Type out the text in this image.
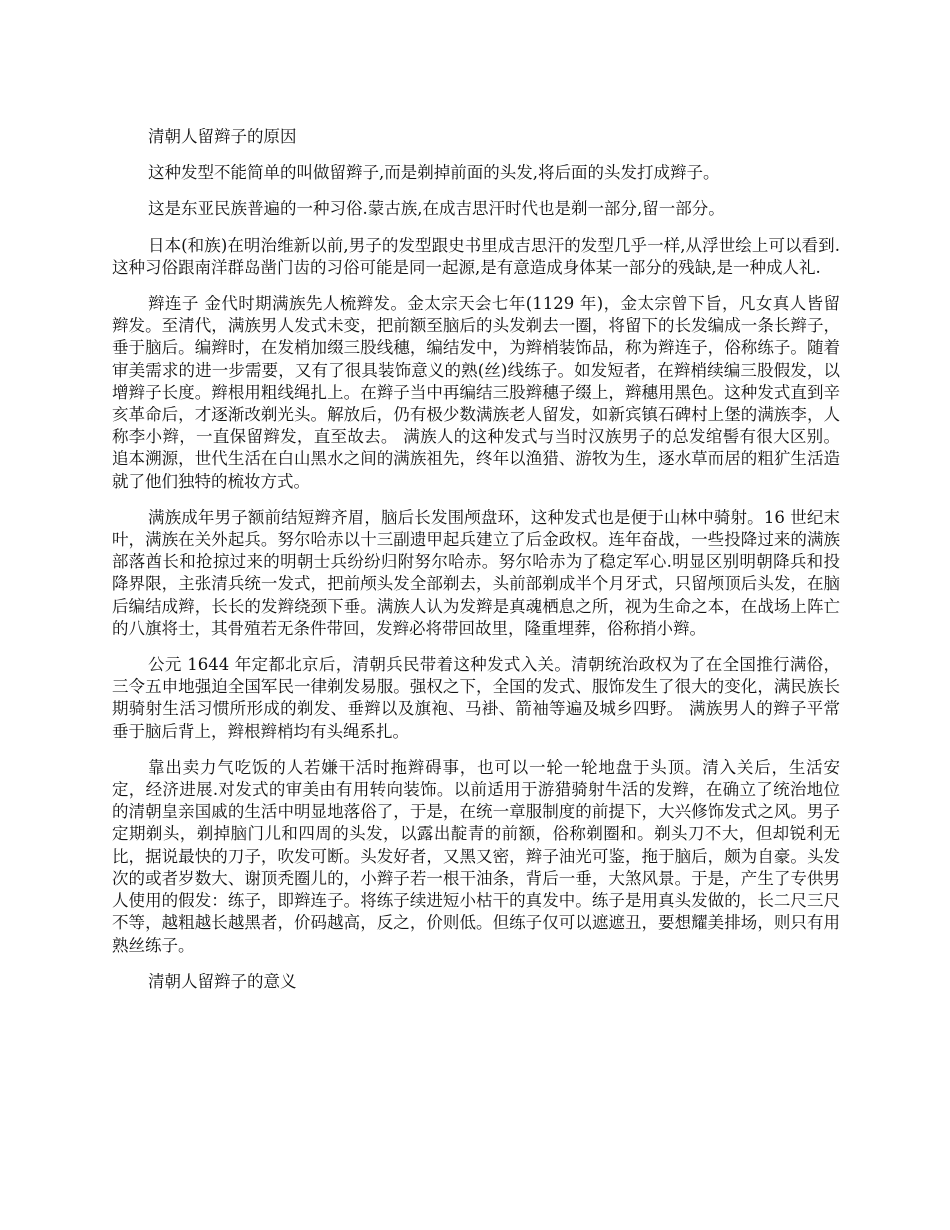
清朝人留辫子的原因

这种发型不能简单的叫做留辫子,而是剃掉前面的头发,将后面的头发打成辫子。

这是东亚民族普遍的一种习俗.蒙古族,在成吉思汗时代也是剃一部分,留一部分。

日本(和族)在明治维新以前,男子的发型跟史书里成吉思汗的发型几乎一样,从浮世绘上可以看到.这种习俗跟南洋群岛凿门齿的习俗可能是同一起源,是有意造成身体某一部分的残缺,是一种成人礼.

辫连子 金代时期满族先人梳辫发。金太宗天会七年(1129 年)，金太宗曾下旨，凡女真人皆留辫发。至清代，满族男人发式未变，把前额至脑后的头发剃去一圈，将留下的长发编成一条长辫子，垂于脑后。编辫时，在发梢加缀三股线穗，编结发中，为辫梢装饰品，称为辫连子，俗称练子。随着审美需求的进一步需要，又有了很具装饰意义的熟(丝)线练子。如发短者，在辫梢续编三股假发，以增辫子长度。辫根用粗线绳扎上。在辫子当中再编结三股辫穗子缀上，辫穗用黑色。这种发式直到辛亥革命后，才逐渐改剃光头。解放后，仍有极少数满族老人留发，如新宾镇石碑村上堡的满族李，人称李小辫，一直保留辫发，直至故去。 满族人的这种发式与当时汉族男子的总发绾髻有很大区别。追本溯源，世代生活在白山黑水之间的满族祖先，终年以渔猎、游牧为生，逐水草而居的粗犷生活造就了他们独特的梳妆方式。

满族成年男子额前结短辫齐眉，脑后长发围颅盘环，这种发式也是便于山林中骑射。16 世纪末叶，满族在关外起兵。努尔哈赤以十三副遗甲起兵建立了后金政权。连年奋战，一些投降过来的满族部落酋长和抢掠过来的明朝士兵纷纷归附努尔哈赤。努尔哈赤为了稳定军心.明显区别明朝降兵和投降界限，主张清兵统一发式，把前颅头发全部剃去，头前部剃成半个月牙式，只留颅顶后头发，在脑后编结成辫，长长的发辫绕颈下垂。满族人认为发辫是真魂栖息之所，视为生命之本，在战场上阵亡的八旗将士，其骨殖若无条件带回，发辫必将带回故里，隆重埋葬，俗称捎小辫。

公元 1644 年定都北京后，清朝兵民带着这种发式入关。清朝统治政权为了在全国推行满俗，三令五申地强迫全国军民一律剃发易服。强权之下，全国的发式、服饰发生了很大的变化，满民族长期骑射生活习惯所形成的剃发、垂辫以及旗袍、马褂、箭袖等遍及城乡四野。 满族男人的辫子平常垂于脑后背上，辫根辫梢均有头绳系扎。

靠出卖力气吃饭的人若嫌干活时拖辫碍事，也可以一轮一轮地盘于头顶。清入关后，生活安定，经济进展.对发式的审美由有用转向装饰。以前适用于游猎骑射牛活的发辫，在确立了统治地位的清朝皇亲国戚的生活中明显地落俗了，于是，在统一章服制度的前提下，大兴修饰发式之风。男子定期剃头，剃掉脑门儿和四周的头发，以露出靛青的前额，俗称剃圈和。剃头刀不大，但却锐利无比，据说最快的刀子，吹发可断。头发好者，又黑又密，辫子油光可鉴，拖于脑后，颇为自豪。头发次的或者岁数大、谢顶秃圈儿的，小辫子若一根干油条，背后一垂，大煞风景。于是，产生了专供男人使用的假发：练子，即辫连子。将练子续进短小枯干的真发中。练子是用真头发做的，长二尺三尺不等，越粗越长越黑者，价码越高，反之，价则低。但练子仅可以遮遮丑，要想耀美排场，则只有用熟丝练子。

清朝人留辫子的意义
